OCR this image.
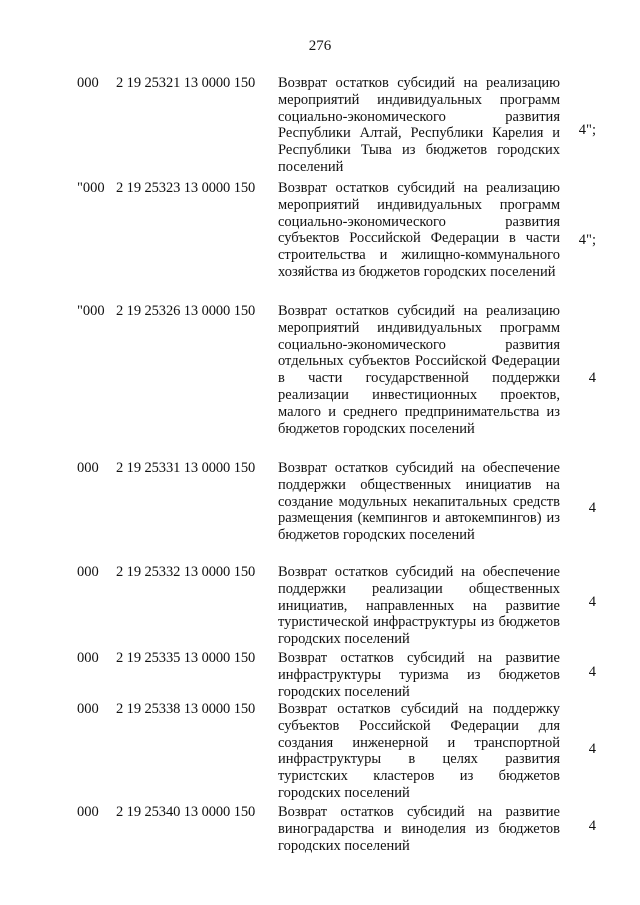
276
000 2 19 25321 13 0000 150 Возврат остатков субсидий на реализацию мероприятий индивидуальных программ социально-экономического развития Республики Алтай, Республики Карелия и Республики Тыва из бюджетов городских поселений
4";
"000 2 19 25323 13 0000 150 Возврат остатков субсидий на реализацию мероприятий индивидуальных программ социально-экономического развития субъектов Российской Федерации в части строительства и жилищно-коммунального хозяйства из бюджетов городских поселений
4";
"000 2 19 25326 13 0000 150 Возврат остатков субсидий на реализацию мероприятий индивидуальных программ социально-экономического развития отдельных субъектов Российской Федерации в части государственной поддержки реализации инвестиционных проектов, малого и среднего предпринимательства из бюджетов городских поселений
4
000 2 19 25331 13 0000 150 Возврат остатков субсидий на обеспечение поддержки общественных инициатив на создание модульных некапитальных средств размещения (кемпингов и автокемпингов) из бюджетов городских поселений
4
000 2 19 25332 13 0000 150 Возврат остатков субсидий на обеспечение поддержки реализации общественных инициатив, направленных на развитие туристической инфраструктуры из бюджетов городских поселений
4
000 2 19 25335 13 0000 150 Возврат остатков субсидий на развитие инфраструктуры туризма из бюджетов городских поселений
4
000 2 19 25338 13 0000 150 Возврат остатков субсидий на поддержку субъектов Российской Федерации для создания инженерной и транспортной инфраструктуры в целях развития туристских кластеров из бюджетов городских поселений
4
000 2 19 25340 13 0000 150 Возврат остатков субсидий на развитие виноградарства и виноделия из бюджетов городских поселений
4
